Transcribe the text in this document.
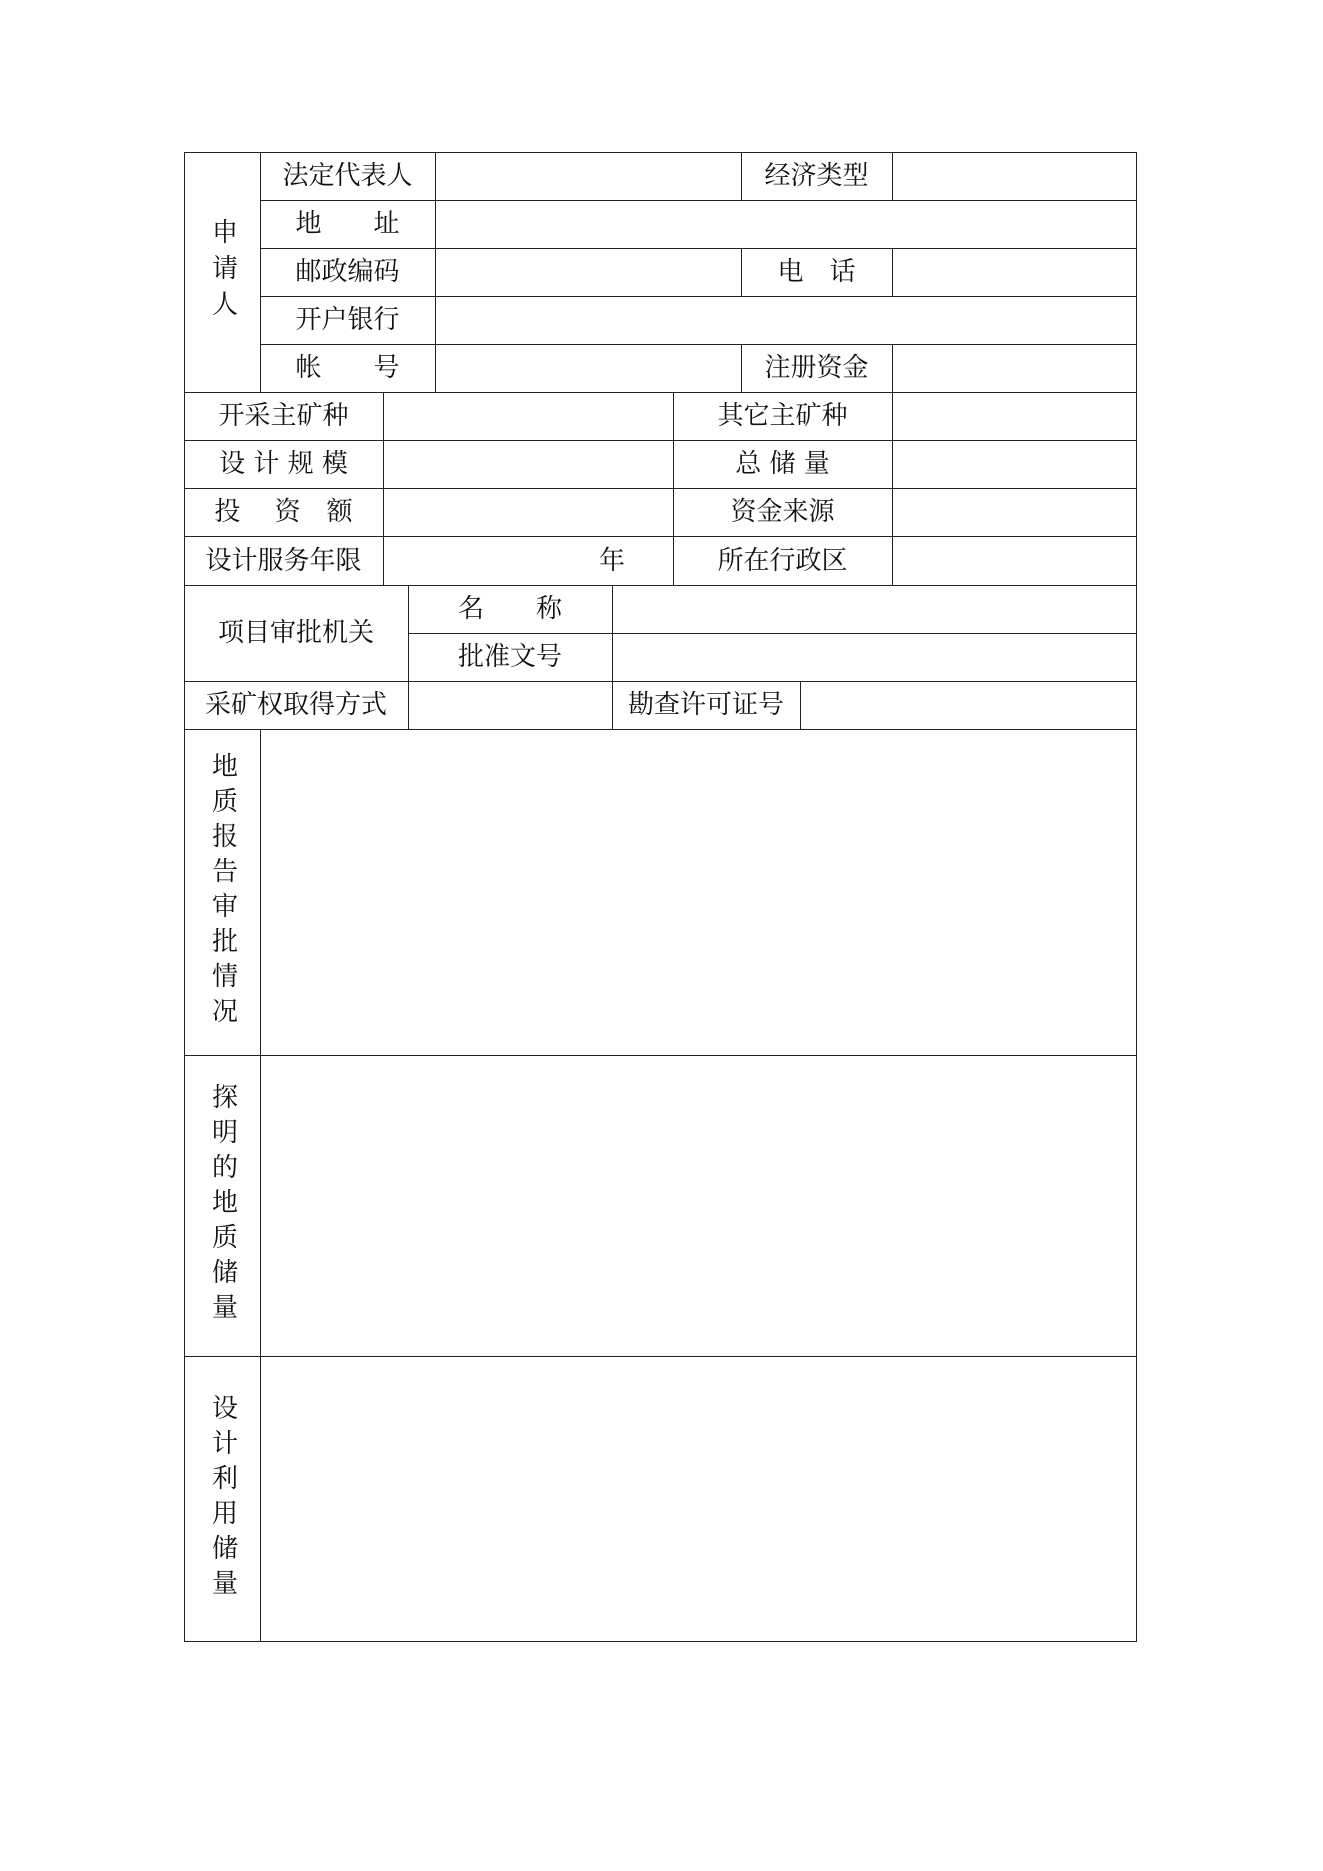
申请人
法定代表人	经济类型
地　　址
邮政编码	电　话
开户银行
帐　　号	注册资金
开采主矿种	其它主矿种
设 计 规 模	总 储 量
投　 资　额	资金来源
设计服务年限	年	所在行政区
项目审批机关
名　　称
批准文号
采矿权取得方式	勘查许可证号
地质报告审批情况
探明的地质储量
设计利用储量
